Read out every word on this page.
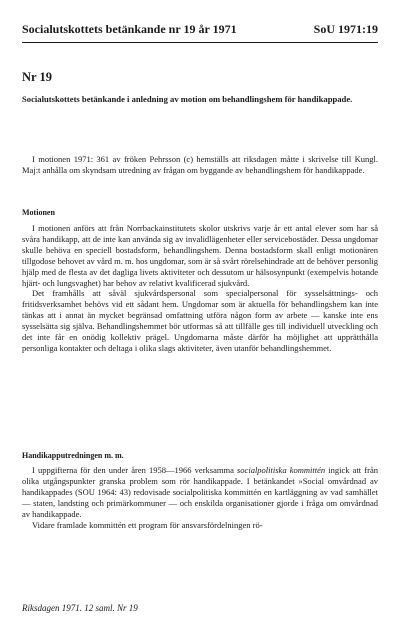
Socialutskottets betänkande nr 19 år 1971	SoU 1971:19
Nr 19
Socialutskottets betänkande i anledning av motion om behandlingshem för handikappade.

I motionen 1971: 361 av fröken Pehrsson (c) hemställs att riksdagen måtte i skrivelse till Kungl. Maj:t anhålla om skyndsam utredning av frågan om byggande av behandlingshem för handikappade.

Motionen

I motionen anförs att från Norrbackainstitutets skolor utskrivs varje år ett antal elever som har så svåra handikapp, att de inte kan använda sig av invalidlägenheter eller servicebostäder. Dessa ungdomar skulle behöva en speciell bostadsform, behandlingshem. Denna bostadsform skall enligt motionären tillgodose behovet av vård m. m. hos ungdomar, som är så svårt rörelsehindrade att de behöver personlig hjälp med de flesta av det dagliga livets aktiviteter och dessutom ur hälsosynpunkt (exempelvis hotande hjärt- och lungsvaghet) har behov av relativt kvalificerad sjukvård.

Det framhålls att såväl sjukvårdspersonal som specialpersonal för sysselsättnings- och fritidsverksamhet behövs vid ett sådant hem. Ungdomar som är aktuella för behandlingshem kan inte tänkas att i annat än mycket begränsad omfattning utföra någon form av arbete — kanske inte ens sysselsätta sig själva. Behandlingshemmet bör utformas så att tillfälle ges till individuell utveckling och det inte får en onödig kollektiv prägel. Ungdomarna måste därför ha möjlighet att upprätthålla personliga kontakter och deltaga i olika slags aktiviteter, även utanför behandlingshemmet.

Handikapputredningen m. m.

I uppgifterna för den under åren 1958—1966 verksamma socialpolitiska kommittén ingick att från olika utgångspunkter granska problem som rör handikappade. I betänkandet »Social omvårdnad av handikappades (SOU 1964: 43) redovisade socialpolitiska kommittén en kartläggning av vad samhället — staten, landsting och primärkommuner — och enskilda organisationer gjorde i fråga om omvårdnad av handikappade.

Vidare framlade kommittén ett program för ansvarsfördelningen rö-

Riksdagen 1971. 12 saml. Nr 19
